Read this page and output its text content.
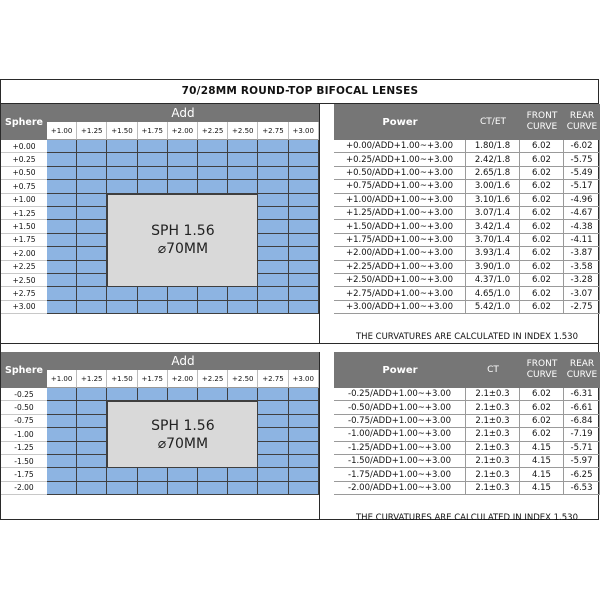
70/28MM ROUND-TOP BIFOCAL LENSES
Sphere
Add
+1.00	+1.25	+1.50	+1.75	+2.00	+2.25	+2.50	+2.75	+3.00
+0.00
+0.25
+0.50
+0.75
+1.00
+1.25
+1.50
+1.75
+2.00
+2.25
+2.50
+2.75
+3.00
SPH 1.56
⌀70MM
Power	CT/ET
FRONT
CURVE
REAR
CURVE
+0.00/ADD+1.00~+3.00	1.80/1.8	6.02	-6.02
+0.25/ADD+1.00~+3.00	2.42/1.8	6.02	-5.75
+0.50/ADD+1.00~+3.00	2.65/1.8	6.02	-5.49
+0.75/ADD+1.00~+3.00	3.00/1.6	6.02	-5.17
+1.00/ADD+1.00~+3.00	3.10/1.6	6.02	-4.96
+1.25/ADD+1.00~+3.00	3.07/1.4	6.02	-4.67
+1.50/ADD+1.00~+3.00	3.42/1.4	6.02	-4.38
+1.75/ADD+1.00~+3.00	3.70/1.4	6.02	-4.11
+2.00/ADD+1.00~+3.00	3.93/1.4	6.02	-3.87
+2.25/ADD+1.00~+3.00	3.90/1.0	6.02	-3.58
+2.50/ADD+1.00~+3.00	4.37/1.0	6.02	-3.28
+2.75/ADD+1.00~+3.00	4.65/1.0	6.02	-3.07
+3.00/ADD+1.00~+3.00	5.42/1.0	6.02	-2.75
THE CURVATURES ARE CALCULATED IN INDEX 1.530
Sphere
Add
+1.00	+1.25	+1.50	+1.75	+2.00	+2.25	+2.50	+2.75	+3.00
-0.25
-0.50
-0.75
-1.00
-1.25
-1.50
-1.75
-2.00
SPH 1.56
⌀70MM
Power	CT
FRONT
CURVE
REAR
CURVE
-0.25/ADD+1.00~+3.00	2.1±0.3	6.02	-6.31
-0.50/ADD+1.00~+3.00	2.1±0.3	6.02	-6.61
-0.75/ADD+1.00~+3.00	2.1±0.3	6.02	-6.84
-1.00/ADD+1.00~+3.00	2.1±0.3	6.02	-7.19
-1.25/ADD+1.00~+3.00	2.1±0.3	4.15	-5.71
-1.50/ADD+1.00~+3.00	2.1±0.3	4.15	-5.97
-1.75/ADD+1.00~+3.00	2.1±0.3	4.15	-6.25
-2.00/ADD+1.00~+3.00	2.1±0.3	4.15	-6.53
THE CURVATURES ARE CALCULATED IN INDEX 1.530
